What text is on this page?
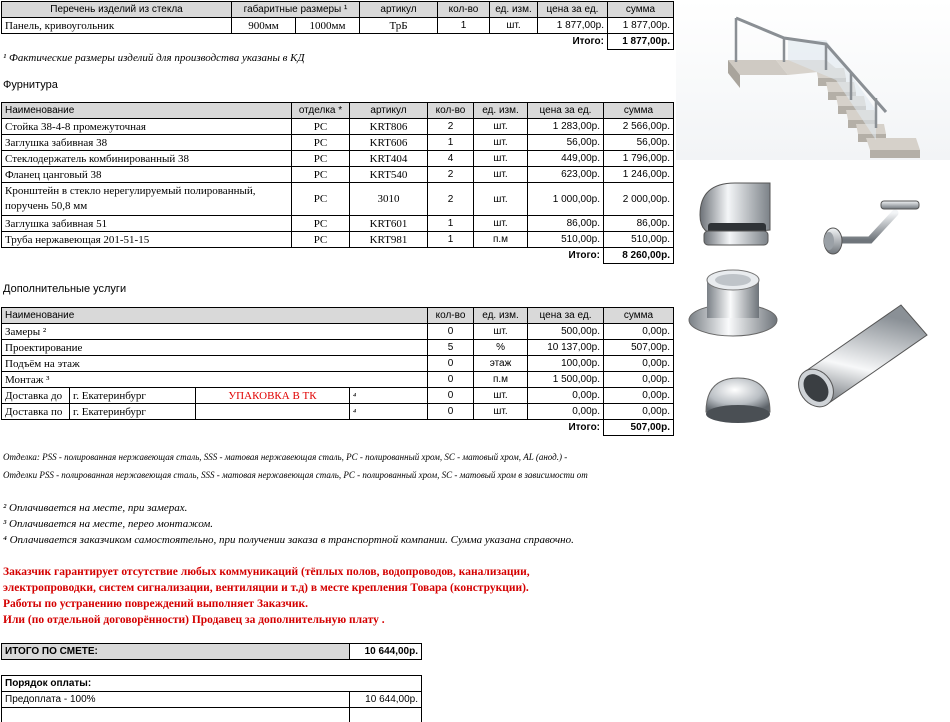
Перечень изделий из стекла	габаритные размеры ¹		артикул	кол-во	ед. изм.	цена за ед.	сумма
Панель, кривоугольник	900мм	1000мм	ТрБ	1	шт.	1 877,00р.	1 877,00р.
Итого:							1 877,00р.
¹ Фактические размеры изделий для производства указаны в КД
Фурнитура
Наименование	отделка *	артикул	кол-во	ед. изм.	цена за ед.	сумма
Стойка 38-4-8 промежуточная	PC	KRT806	2	шт.	1 283,00р.	2 566,00р.
Заглушка забивная 38	PC	KRT606	1	шт.	56,00р.	56,00р.
Стеклодержатель комбинированный 38	PC	KRT404	4	шт.	449,00р.	1 796,00р.
Фланец цанговый 38	PC	KRT540	2	шт.	623,00р.	1 246,00р.
Кронштейн в стекло нерегулируемый полированный, поручень 50,8 мм	PC	3010	2	шт.	1 000,00р.	2 000,00р.
Заглушка забивная 51	PC	KRT601	1	шт.	86,00р.	86,00р.
Труба нержавеющая 201-51-15	PC	KRT981	1	п.м	510,00р.	510,00р.
Итого:						8 260,00р.
Дополнительные услуги
Наименование				кол-во	ед. изм.	цена за ед.	сумма
Замеры ²				0	шт.	500,00р.	0,00р.
Проектирование				5	%	10 137,00р.	507,00р.
Подъём на этаж				0	этаж	100,00р.	0,00р.
Монтаж ³				0	п.м	1 500,00р.	0,00р.
Доставка до	г. Екатеринбург	УПАКОВКА В ТК	⁴	0	шт.	0,00р.	0,00р.
Доставка по	г. Екатеринбург		⁴	0	шт.	0,00р.	0,00р.
Итого:							507,00р.
Отделка: PSS - полированная нержавеющая сталь, SSS - матовая нержавеющая сталь, PC - полированный хром, SC - матовый хром, AL (анод.) -
Отделки PSS - полированная нержавеющая сталь, SSS - матовая нержавеющая сталь, PC - полированный хром, SC - матовый хром в зависимости от
² Оплачивается на месте, при замерах.
³ Оплачивается на месте, перео монтажом.
⁴ Оплачивается заказчиком самостоятельно, при получении заказа в транспортной компании. Сумма указана справочно.
Заказчик гарантирует отсутствие любых коммуникаций (тёплых полов, водопроводов, канализации,
электропроводки, систем сигнализации, вентиляции и т.д) в месте крепления Товара (конструкции).
Работы по устранению повреждений выполняет Заказчик.
Или (по отдельной договорённости) Продавец за дополнительную плату .
ИТОГО ПО СМЕТЕ:	10 644,00р.
Порядок оплаты:	
Предоплата - 100%	10 644,00р.
